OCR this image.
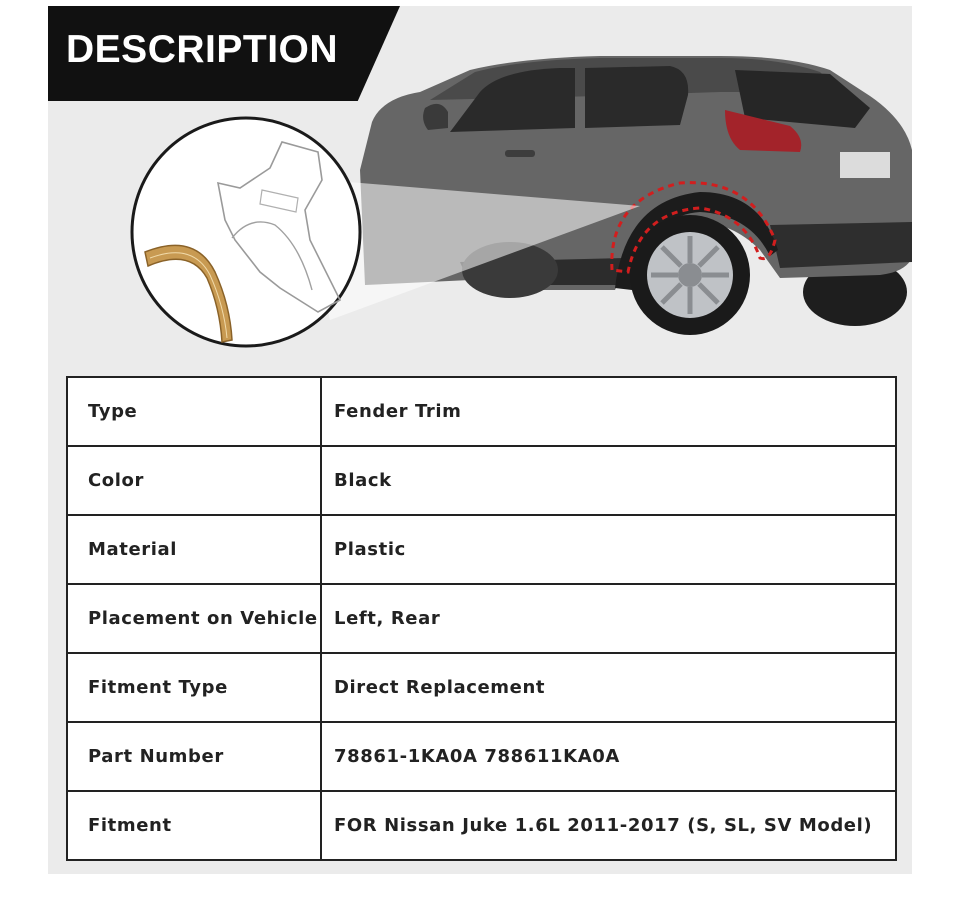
DESCRIPTION
Type	Fender Trim
Color	Black
Material	Plastic
Placement on Vehicle	Left, Rear
Fitment Type	Direct Replacement
Part Number	78861-1KA0A 788611KA0A
Fitment	FOR Nissan Juke 1.6L 2011-2017 (S, SL, SV Model)
